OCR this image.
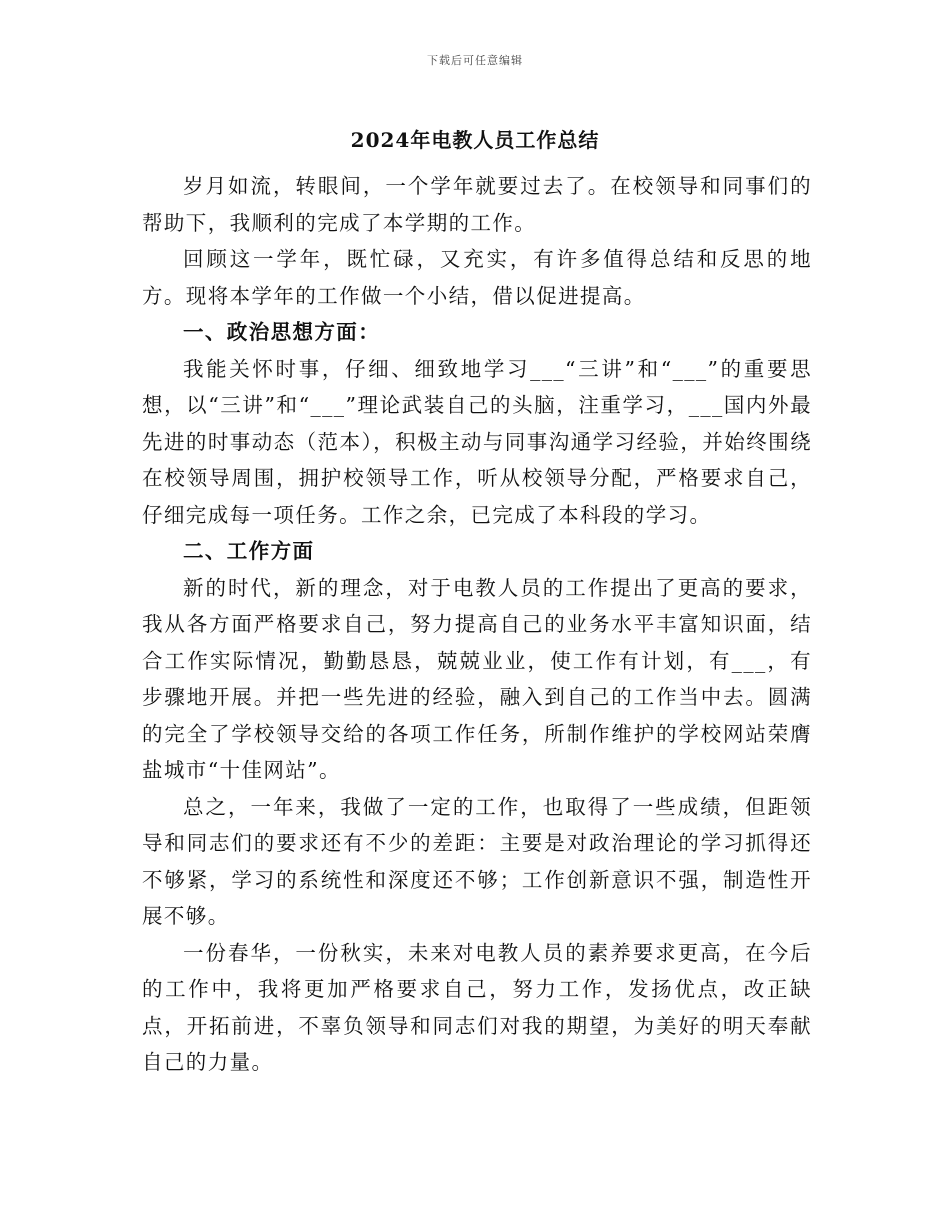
下载后可任意编辑
2024年电教人员工作总结

岁月如流，转眼间，一个学年就要过去了。在校领导和同事们的帮助下，我顺利的完成了本学期的工作。

回顾这一学年，既忙碌，又充实，有许多值得总结和反思的地方。现将本学年的工作做一个小结，借以促进提高。

一、政治思想方面：

我能关怀时事，仔细、细致地学习___“三讲”和“___”的重要思想，以“三讲”和“___”理论武装自己的头脑，注重学习，___国内外最先进的时事动态（范本），积极主动与同事沟通学习经验，并始终围绕在校领导周围，拥护校领导工作，听从校领导分配，严格要求自己，仔细完成每一项任务。工作之余，已完成了本科段的学习。

二、工作方面

新的时代，新的理念，对于电教人员的工作提出了更高的要求，我从各方面严格要求自己，努力提高自己的业务水平丰富知识面，结合工作实际情况，勤勤恳恳，兢兢业业，使工作有计划，有___，有步骤地开展。并把一些先进的经验，融入到自己的工作当中去。圆满的完全了学校领导交给的各项工作任务，所制作维护的学校网站荣膺盐城市“十佳网站”。

总之，一年来，我做了一定的工作，也取得了一些成绩，但距领导和同志们的要求还有不少的差距：主要是对政治理论的学习抓得还不够紧，学习的系统性和深度还不够；工作创新意识不强，制造性开展不够。

一份春华，一份秋实，未来对电教人员的素养要求更高，在今后的工作中，我将更加严格要求自己，努力工作，发扬优点，改正缺点，开拓前进，不辜负领导和同志们对我的期望，为美好的明天奉献自己的力量。
